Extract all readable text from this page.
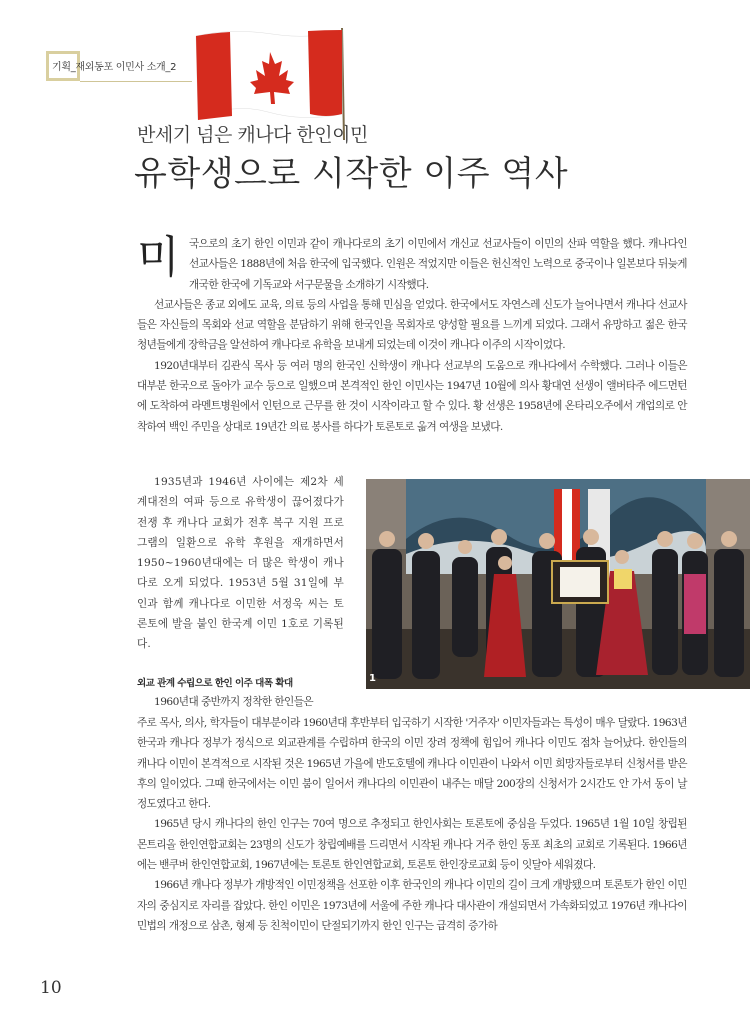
기획_재외동포 이민사 소개_2
반세기 넘은 캐나다 한인이민
유학생으로 시작한 이주 역사

미국으로의 초기 한인 이민과 같이 캐나다로의 초기 이민에서 개신교 선교사들이 이민의 산파 역할을 했다. 캐나다인 선교사들은 1888년에 처음 한국에 입국했다. 인원은 적었지만 이들은 헌신적인 노력으로 중국이나 일본보다 뒤늦게 개국한 한국에 기독교와 서구문물을 소개하기 시작했다.

선교사들은 종교 외에도 교육, 의료 등의 사업을 통해 민심을 얻었다. 한국에서도 자연스레 신도가 늘어나면서 캐나다 선교사들은 자신들의 목회와 선교 역할을 분담하기 위해 한국인을 목회자로 양성할 필요를 느끼게 되었다. 그래서 유망하고 젊은 한국 청년들에게 장학금을 알선하여 캐나다로 유학을 보내게 되었는데 이것이 캐나다 이주의 시작이었다.

1920년대부터 김관식 목사 등 여러 명의 한국인 신학생이 캐나다 선교부의 도움으로 캐나다에서 수학했다. 그러나 이들은 대부분 한국으로 돌아가 교수 등으로 일했으며 본격적인 한인 이민사는 1947년 10월에 의사 황대연 선생이 앨버타주 에드먼턴에 도착하여 라멘트병원에서 인턴으로 근무를 한 것이 시작이라고 할 수 있다. 황 선생은 1958년에 온타리오주에서 개업의로 안착하여 백인 주민을 상대로 19년간 의료 봉사를 하다가 토론토로 옮겨 여생을 보냈다.

1935년과 1946년 사이에는 제2차 세계대전의 여파 등으로 유학생이 끊어졌다가 전쟁 후 캐나다 교회가 전후 복구 지원 프로그램의 일환으로 유학 후원을 재개하면서 1950~1960년대에는 더 많은 학생이 캐나다로 오게 되었다. 1953년 5월 31일에 부인과 함께 캐나다로 이민한 서정욱 씨는 토론토에 발을 붙인 한국계 이민 1호로 기록된다.

1
외교 관계 수립으로 한인 이주 대폭 확대

1960년대 중반까지 정착한 한인들은

주로 목사, 의사, 학자들이 대부분이라 1960년대 후반부터 입국하기 시작한 '거주자' 이민자들과는 특성이 매우 달랐다. 1963년 한국과 캐나다 정부가 정식으로 외교관계를 수립하며 한국의 이민 장려 정책에 힘입어 캐나다 이민도 점차 늘어났다. 한인들의 캐나다 이민이 본격적으로 시작된 것은 1965년 가을에 반도호텔에 캐나다 이민관이 나와서 이민 희망자들로부터 신청서를 받은 후의 일이었다. 그때 한국에서는 이민 붐이 일어서 캐나다의 이민관이 내주는 매달 200장의 신청서가 2시간도 안 가서 동이 날 정도였다고 한다.

1965년 당시 캐나다의 한인 인구는 70여 명으로 추정되고 한인사회는 토론토에 중심을 두었다. 1965년 1월 10일 창립된 몬트리올 한인연합교회는 23명의 신도가 창립예배를 드리면서 시작된 캐나다 거주 한인 동포 최초의 교회로 기록된다. 1966년에는 밴쿠버 한인연합교회, 1967년에는 토론토 한인연합교회, 토론토 한인장로교회 등이 잇달아 세워졌다.

1966년 캐나다 정부가 개방적인 이민정책을 선포한 이후 한국인의 캐나다 이민의 길이 크게 개방됐으며 토론토가 한인 이민자의 중심지로 자리를 잡았다. 한인 이민은 1973년에 서울에 주한 캐나다 대사관이 개설되면서 가속화되었고 1976년 캐나다이민법의 개정으로 삼촌, 형제 등 친척이민이 단절되기까지 한인 인구는 급격히 증가하

10
